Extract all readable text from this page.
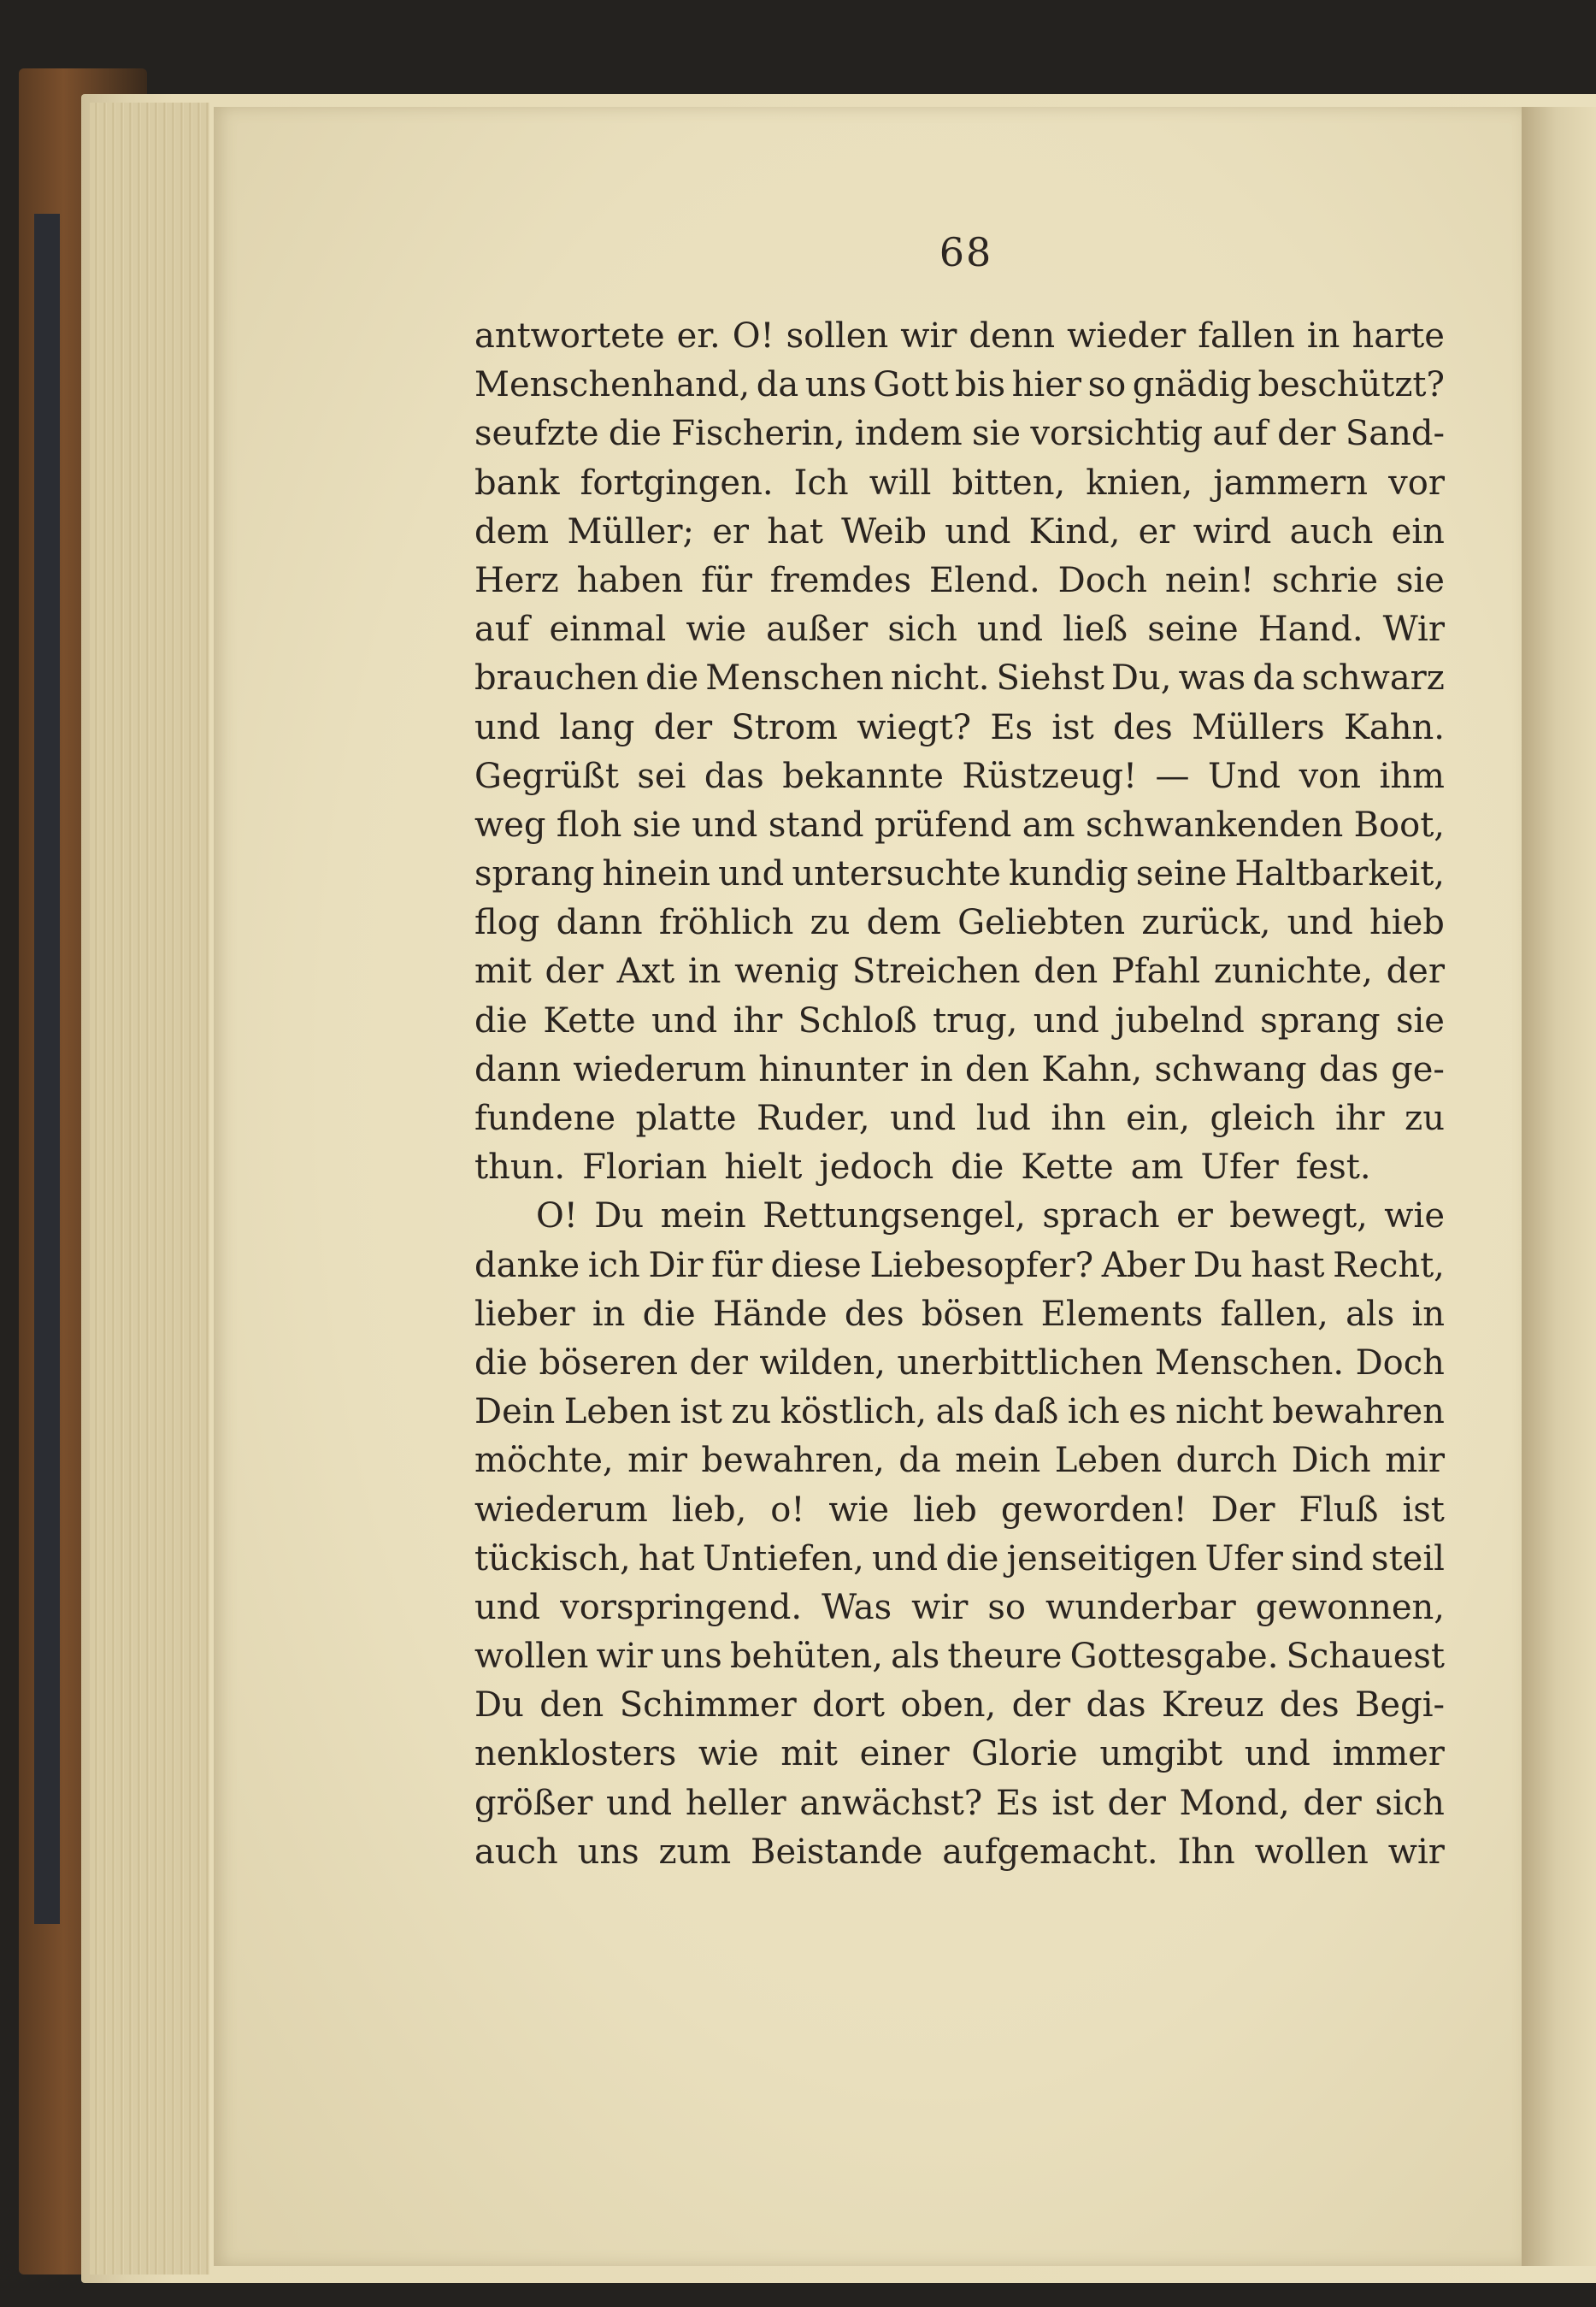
68
antwortete er. O! sollen wir denn wieder fallen in harte
Menschenhand, da uns Gott bis hier so gnädig beschützt?
seufzte die Fischerin, indem sie vorsichtig auf der Sand-
bank fortgingen. Ich will bitten, knien, jammern vor
dem Müller; er hat Weib und Kind, er wird auch ein
Herz haben für fremdes Elend. Doch nein! schrie sie
auf einmal wie außer sich und ließ seine Hand. Wir
brauchen die Menschen nicht. Siehst Du, was da schwarz
und lang der Strom wiegt? Es ist des Müllers Kahn.
Gegrüßt sei das bekannte Rüstzeug! — Und von ihm
weg floh sie und stand prüfend am schwankenden Boot,
sprang hinein und untersuchte kundig seine Haltbarkeit,
flog dann fröhlich zu dem Geliebten zurück, und hieb
mit der Axt in wenig Streichen den Pfahl zunichte, der
die Kette und ihr Schloß trug, und jubelnd sprang sie
dann wiederum hinunter in den Kahn, schwang das ge-
fundene platte Ruder, und lud ihn ein, gleich ihr zu
thun. Florian hielt jedoch die Kette am Ufer fest.
O! Du mein Rettungsengel, sprach er bewegt, wie
danke ich Dir für diese Liebesopfer? Aber Du hast Recht,
lieber in die Hände des bösen Elements fallen, als in
die böseren der wilden, unerbittlichen Menschen. Doch
Dein Leben ist zu köstlich, als daß ich es nicht bewahren
möchte, mir bewahren, da mein Leben durch Dich mir
wiederum lieb, o! wie lieb geworden! Der Fluß ist
tückisch, hat Untiefen, und die jenseitigen Ufer sind steil
und vorspringend. Was wir so wunderbar gewonnen,
wollen wir uns behüten, als theure Gottesgabe. Schauest
Du den Schimmer dort oben, der das Kreuz des Begi-
nenklosters wie mit einer Glorie umgibt und immer
größer und heller anwächst? Es ist der Mond, der sich
auch uns zum Beistande aufgemacht. Ihn wollen wir
